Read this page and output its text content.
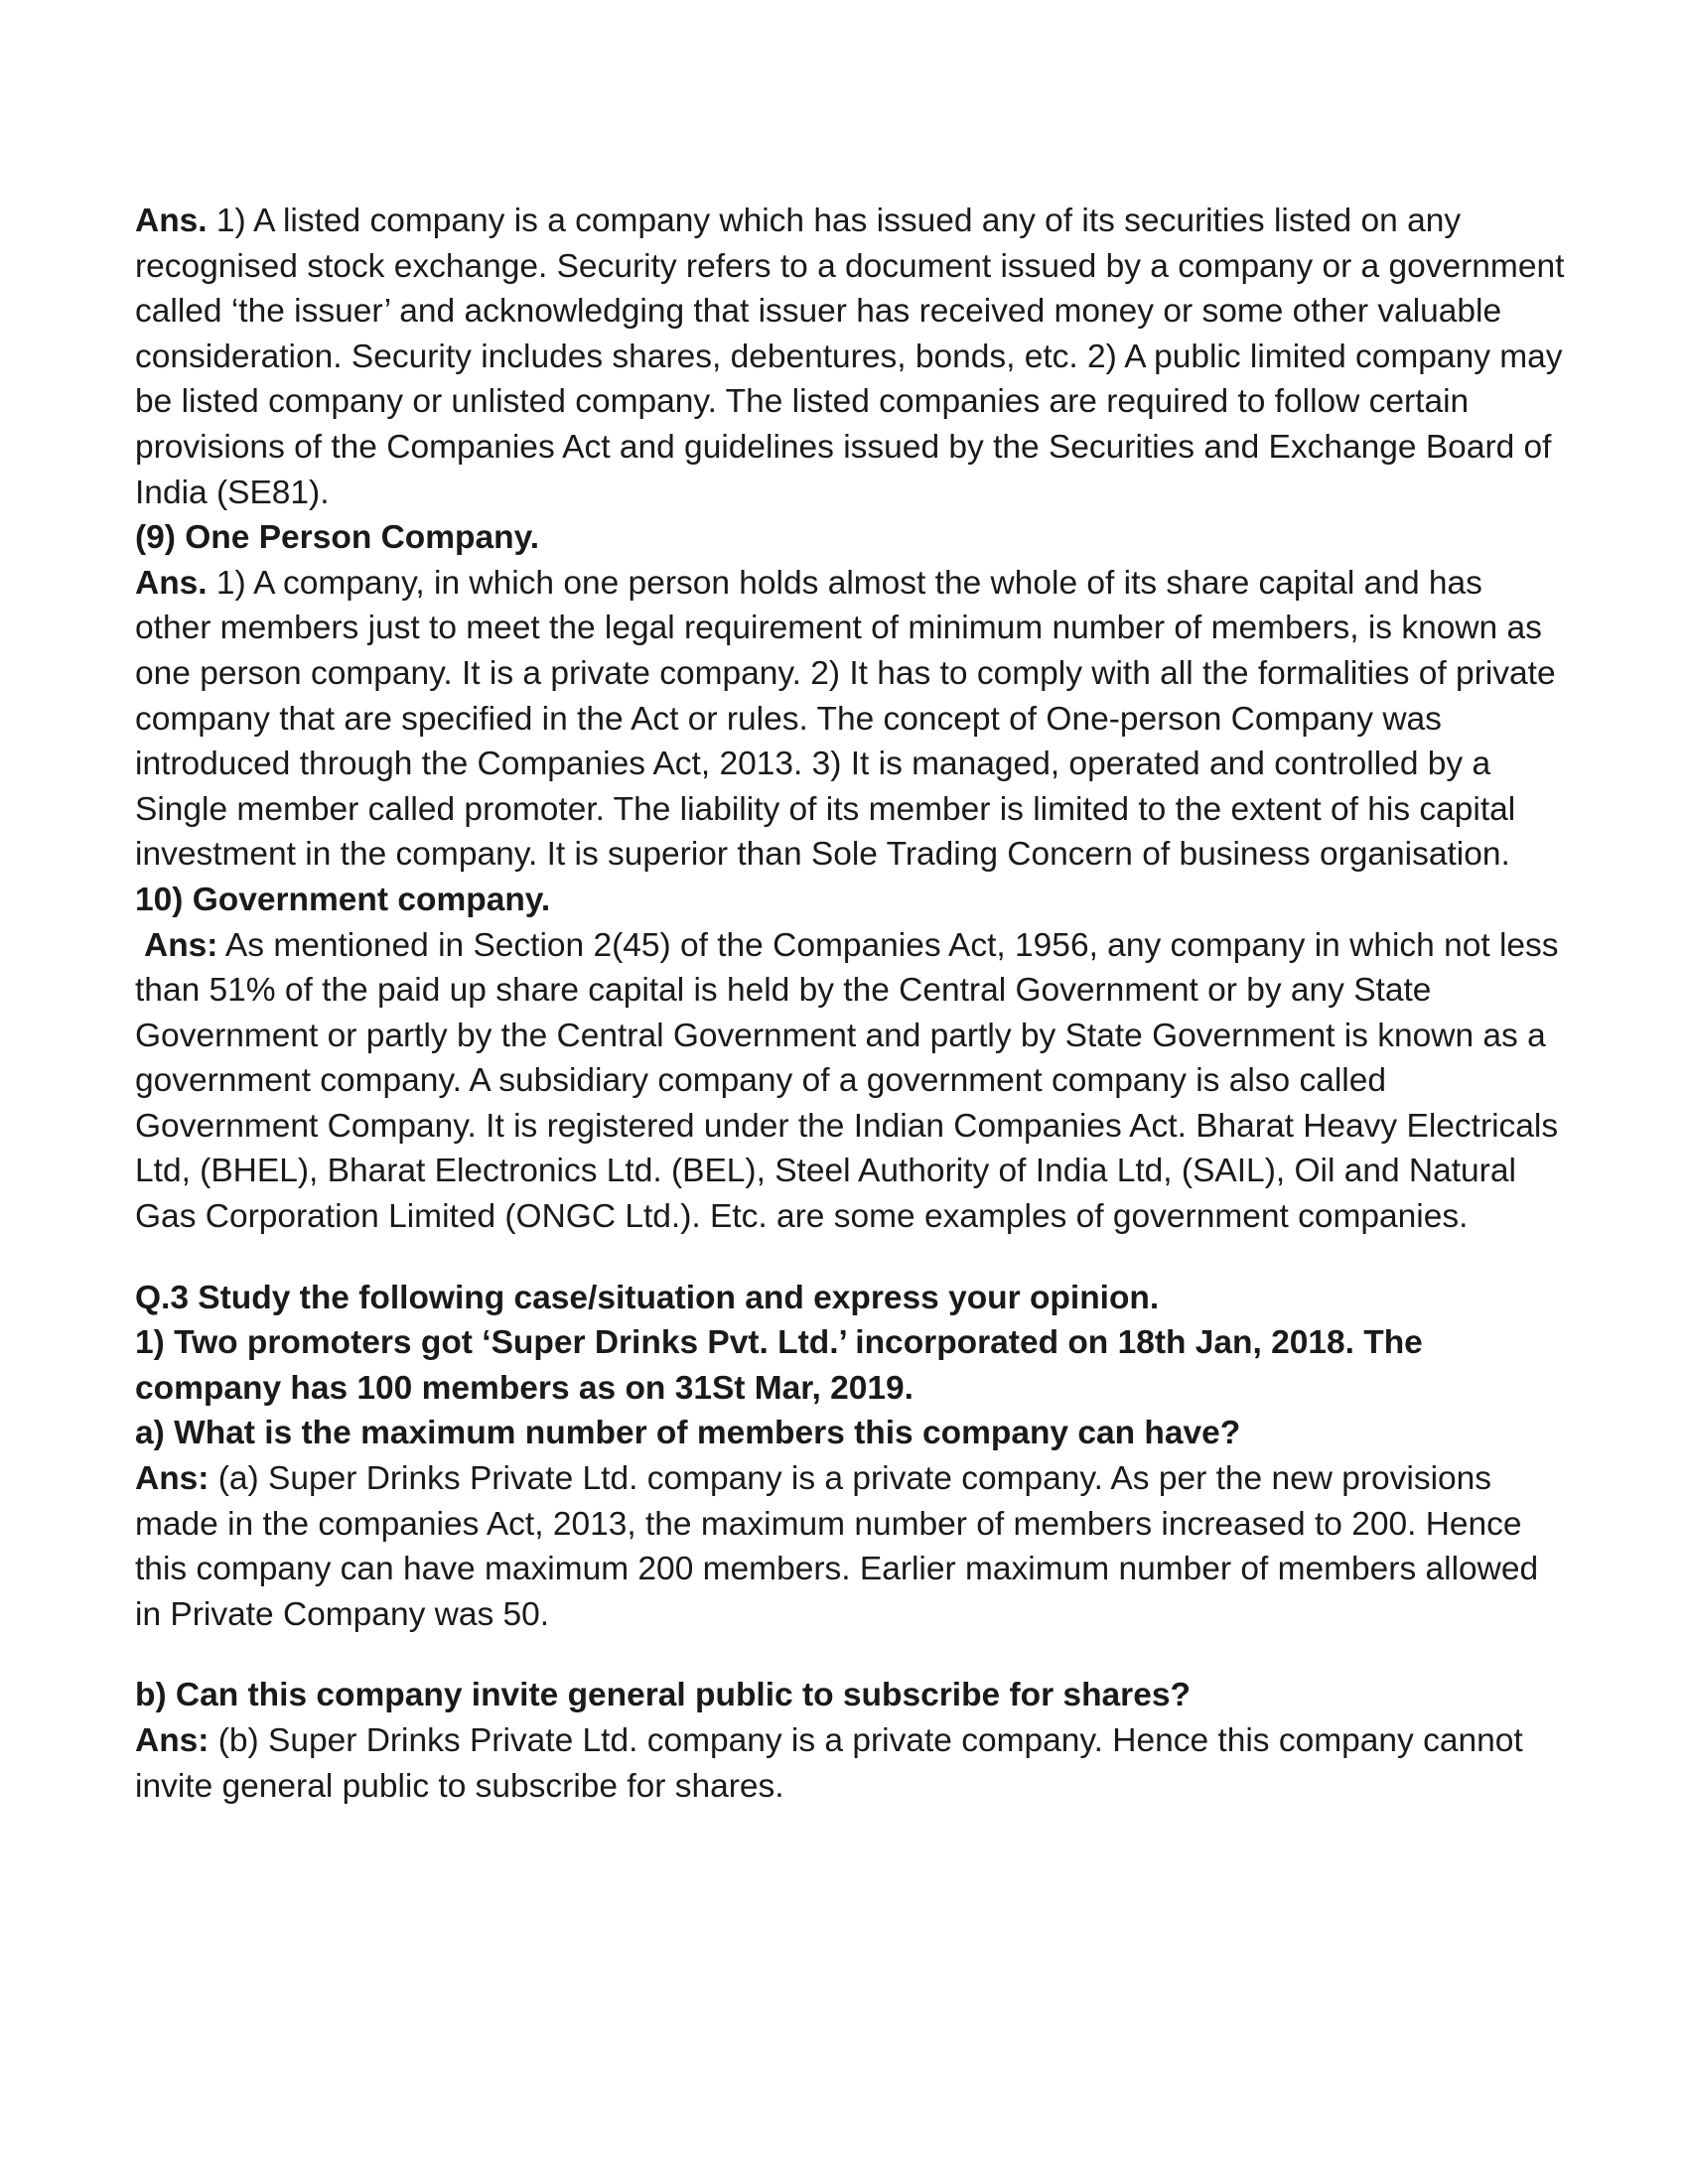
Ans. 1) A listed company is a company which has issued any of its securities listed on any recognised stock exchange. Security refers to a document issued by a company or a government called ‘the issuer’ and acknowledging that issuer has received money or some other valuable consideration. Security includes shares, debentures, bonds, etc. 2) A public limited company may be listed company or unlisted company. The listed companies are required to follow certain provisions of the Companies Act and guidelines issued by the Securities and Exchange Board of India (SE81).

(9) One Person Company.

Ans. 1) A company, in which one person holds almost the whole of its share capital and has other members just to meet the legal requirement of minimum number of members, is known as one person company. It is a private company. 2) It has to comply with all the formalities of private company that are specified in the Act or rules. The concept of One-person Company was introduced through the Companies Act, 2013. 3) It is managed, operated and controlled by a Single member called promoter. The liability of its member is limited to the extent of his capital investment in the company. It is superior than Sole Trading Concern of business organisation.

10) Government company.

Ans: As mentioned in Section 2(45) of the Companies Act, 1956, any company in which not less than 51% of the paid up share capital is held by the Central Government or by any State Government or partly by the Central Government and partly by State Government is known as a government company. A subsidiary company of a government company is also called Government Company. It is registered under the Indian Companies Act. Bharat Heavy Electricals Ltd, (BHEL), Bharat Electronics Ltd. (BEL), Steel Authority of India Ltd, (SAIL), Oil and Natural Gas Corporation Limited (ONGC Ltd.). Etc. are some examples of government companies.

Q.3 Study the following case/situation and express your opinion.

1) Two promoters got ‘Super Drinks Pvt. Ltd.’ incorporated on 18th Jan, 2018. The company has 100 members as on 31St Mar, 2019.

a) What is the maximum number of members this company can have?

Ans: (a) Super Drinks Private Ltd. company is a private company. As per the new provisions made in the companies Act, 2013, the maximum number of members increased to 200. Hence this company can have maximum 200 members. Earlier maximum number of members allowed in Private Company was 50.

b) Can this company invite general public to subscribe for shares?

Ans: (b) Super Drinks Private Ltd. company is a private company. Hence this company cannot invite general public to subscribe for shares.
